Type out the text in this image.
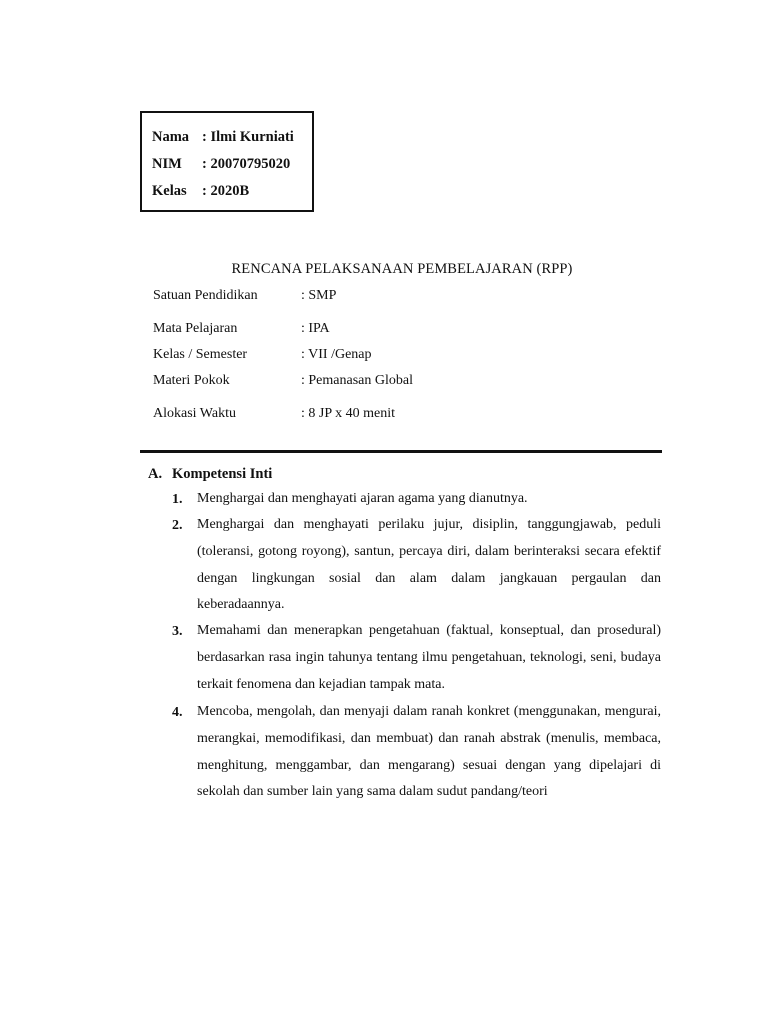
Nama : Ilmi Kurniati
NIM : 20070795020
Kelas : 2020B
RENCANA PELAKSANAAN PEMBELAJARAN (RPP)
Satuan Pendidikan	: SMP
Mata Pelajaran	: IPA
Kelas / Semester	: VII /Genap
Materi Pokok	: Pemanasan Global
Alokasi Waktu	: 8 JP x 40 menit
A. Kompetensi Inti
1. Menghargai dan menghayati ajaran agama yang dianutnya.
2. Menghargai dan menghayati perilaku jujur, disiplin, tanggungjawab, peduli (toleransi, gotong royong), santun, percaya diri, dalam berinteraksi secara efektif dengan lingkungan sosial dan alam dalam jangkauan pergaulan dan keberadaannya.
3. Memahami dan menerapkan pengetahuan (faktual, konseptual, dan prosedural) berdasarkan rasa ingin tahunya tentang ilmu pengetahuan, teknologi, seni, budaya terkait fenomena dan kejadian tampak mata.
4. Mencoba, mengolah, dan menyaji dalam ranah konkret (menggunakan, mengurai, merangkai, memodifikasi, dan membuat) dan ranah abstrak (menulis, membaca, menghitung, menggambar, dan mengarang) sesuai dengan yang dipelajari di sekolah dan sumber lain yang sama dalam sudut pandang/teori
